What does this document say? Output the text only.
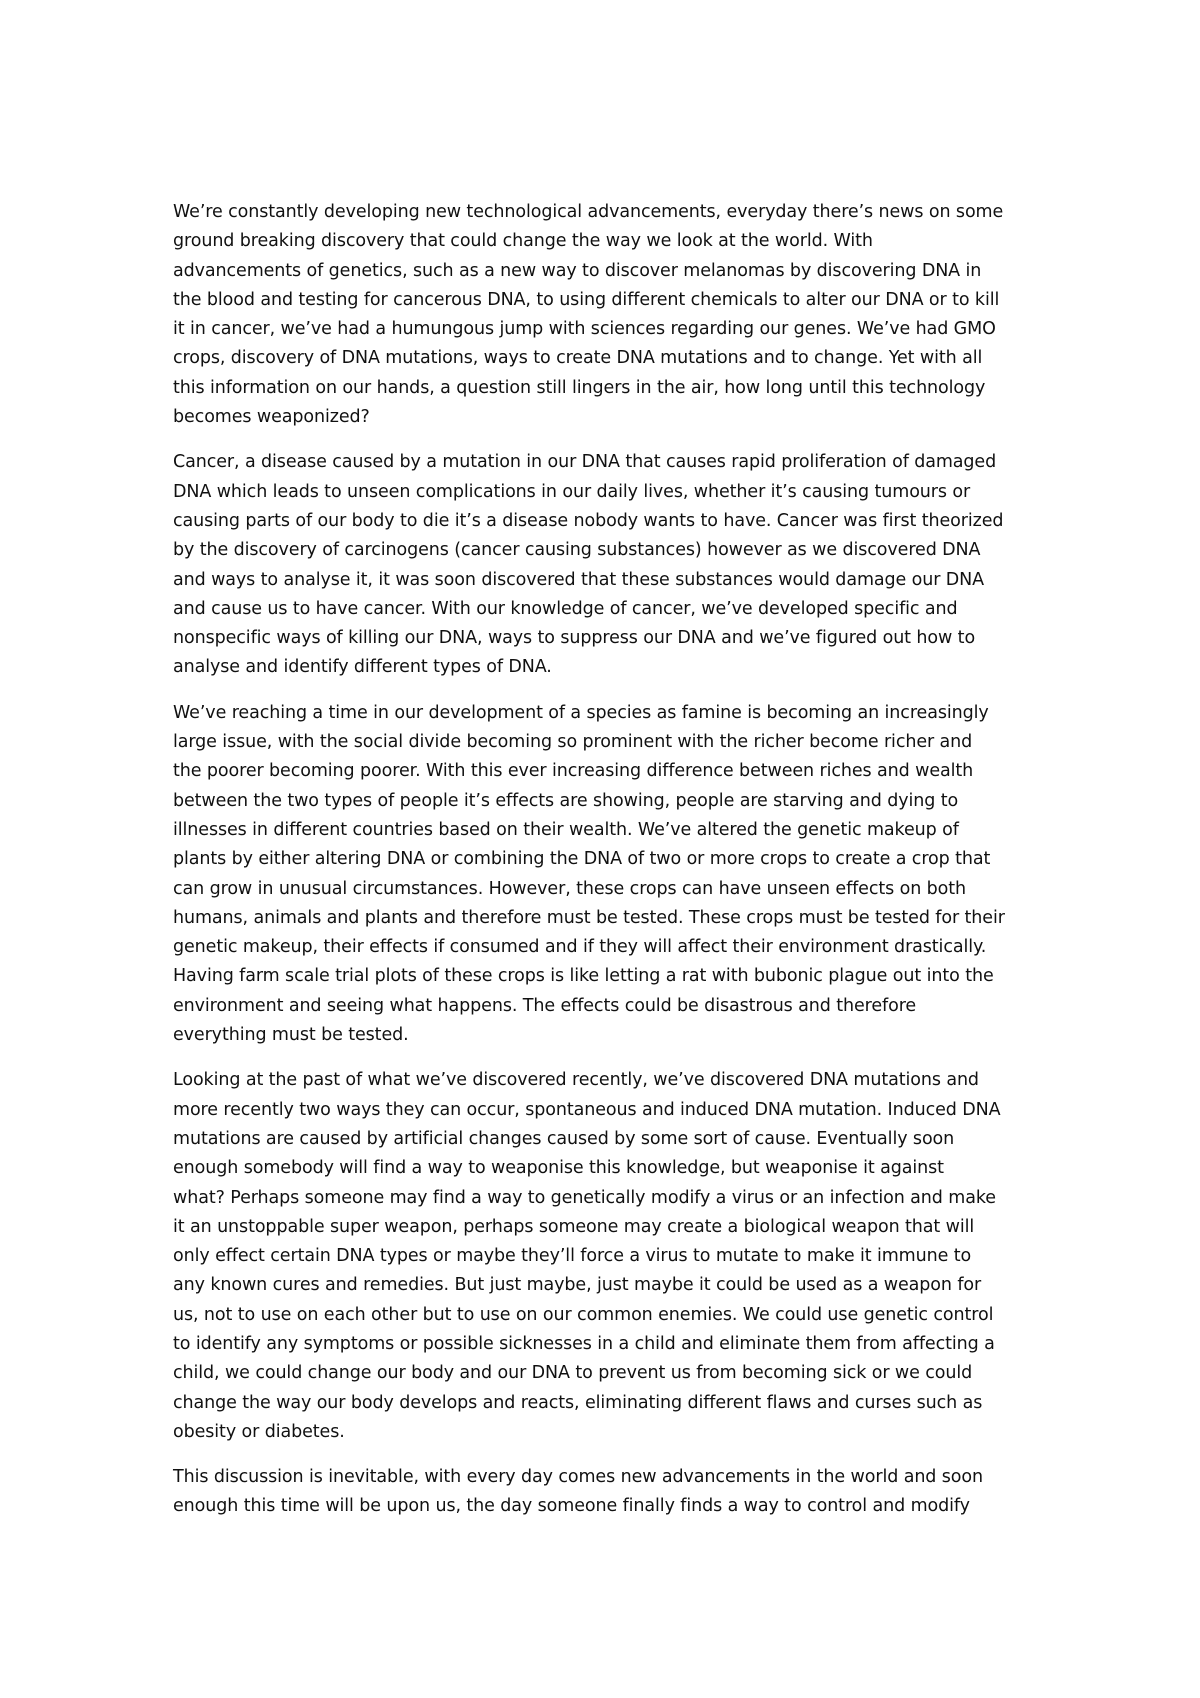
We’re constantly developing new technological advancements, everyday there’s news on some
ground breaking discovery that could change the way we look at the world. With
advancements of genetics, such as a new way to discover melanomas by discovering DNA in
the blood and testing for cancerous DNA, to using different chemicals to alter our DNA or to kill
it in cancer, we’ve had a humungous jump with sciences regarding our genes. We’ve had GMO
crops, discovery of DNA mutations, ways to create DNA mutations and to change. Yet with all
this information on our hands, a question still lingers in the air, how long until this technology
becomes weaponized?

Cancer, a disease caused by a mutation in our DNA that causes rapid proliferation of damaged
DNA which leads to unseen complications in our daily lives, whether it’s causing tumours or
causing parts of our body to die it’s a disease nobody wants to have. Cancer was first theorized
by the discovery of carcinogens (cancer causing substances) however as we discovered DNA
and ways to analyse it, it was soon discovered that these substances would damage our DNA
and cause us to have cancer. With our knowledge of cancer, we’ve developed specific and
nonspecific ways of killing our DNA, ways to suppress our DNA and we’ve figured out how to
analyse and identify different types of DNA.

We’ve reaching a time in our development of a species as famine is becoming an increasingly
large issue, with the social divide becoming so prominent with the richer become richer and
the poorer becoming poorer. With this ever increasing difference between riches and wealth
between the two types of people it’s effects are showing, people are starving and dying to
illnesses in different countries based on their wealth. We’ve altered the genetic makeup of
plants by either altering DNA or combining the DNA of two or more crops to create a crop that
can grow in unusual circumstances. However, these crops can have unseen effects on both
humans, animals and plants and therefore must be tested. These crops must be tested for their
genetic makeup, their effects if consumed and if they will affect their environment drastically.
Having farm scale trial plots of these crops is like letting a rat with bubonic plague out into the
environment and seeing what happens. The effects could be disastrous and therefore
everything must be tested.

Looking at the past of what we’ve discovered recently, we’ve discovered DNA mutations and
more recently two ways they can occur, spontaneous and induced DNA mutation. Induced DNA
mutations are caused by artificial changes caused by some sort of cause. Eventually soon
enough somebody will find a way to weaponise this knowledge, but weaponise it against
what? Perhaps someone may find a way to genetically modify a virus or an infection and make
it an unstoppable super weapon, perhaps someone may create a biological weapon that will
only effect certain DNA types or maybe they’ll force a virus to mutate to make it immune to
any known cures and remedies. But just maybe, just maybe it could be used as a weapon for
us, not to use on each other but to use on our common enemies. We could use genetic control
to identify any symptoms or possible sicknesses in a child and eliminate them from affecting a
child, we could change our body and our DNA to prevent us from becoming sick or we could
change the way our body develops and reacts, eliminating different flaws and curses such as
obesity or diabetes.

This discussion is inevitable, with every day comes new advancements in the world and soon
enough this time will be upon us, the day someone finally finds a way to control and modify
